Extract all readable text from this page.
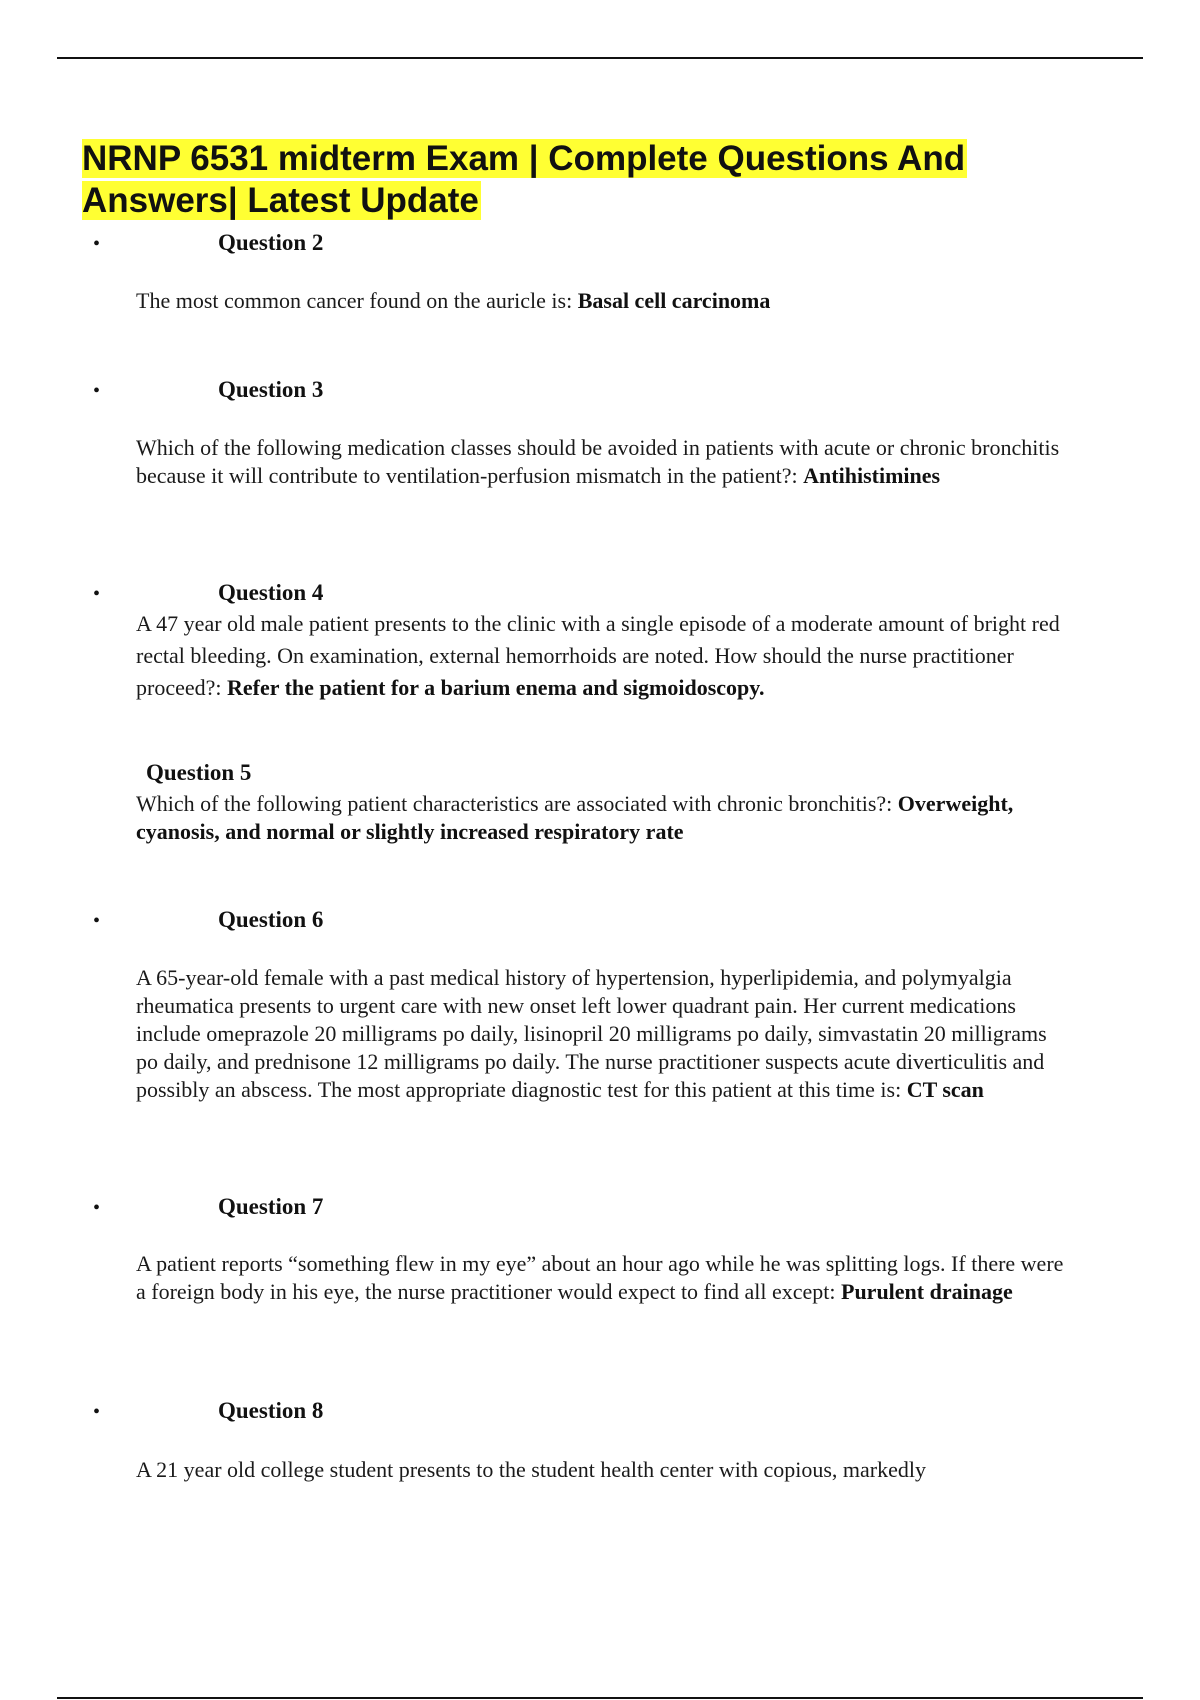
NRNP 6531 midterm Exam | Complete Questions And
Answers| Latest Update
•	Question 2

The most common cancer found on the auricle is: Basal cell carcinoma

•	Question 3

Which of the following medication classes should be avoided in patients with acute or chronic bronchitis because it will contribute to ventilation-perfusion mismatch in the patient?: Antihistimines

•	Question 4

A 47 year old male patient presents to the clinic with a single episode of a moderate amount of bright red rectal bleeding. On examination, external hemorrhoids are noted. How should the nurse practitioner proceed?: Refer the patient for a barium enema and sigmoidoscopy.

Question 5

Which of the following patient characteristics are associated with chronic bronchitis?: Overweight, cyanosis, and normal or slightly increased respiratory rate

•	Question 6

A 65-year-old female with a past medical history of hypertension, hyperlipidemia, and polymyalgia rheumatica presents to urgent care with new onset left lower quadrant pain. Her current medications include omeprazole 20 milligrams po daily, lisinopril 20 milligrams po daily, simvastatin 20 milligrams po daily, and prednisone 12 milligrams po daily. The nurse practitioner suspects acute diverticulitis and possibly an abscess. The most appropriate diagnostic test for this patient at this time is: CT scan

•	Question 7

A patient reports “something flew in my eye” about an hour ago while he was splitting logs. If there were a foreign body in his eye, the nurse practitioner would expect to find all except: Purulent drainage

•	Question 8

A 21 year old college student presents to the student health center with copious, markedly
